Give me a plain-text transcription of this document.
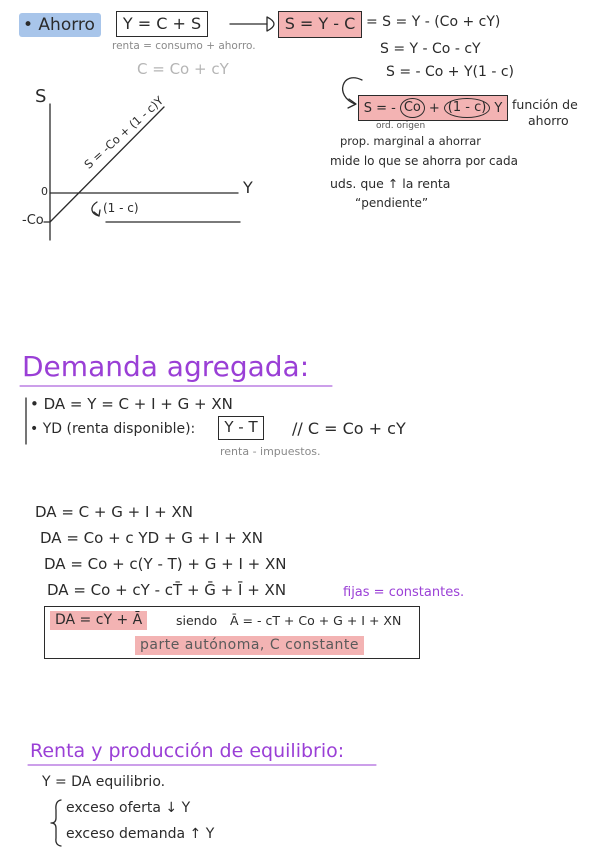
• Ahorro	Y = C + S
renta = consumo + ahorro.
C = Co + cY
S = Y - C = S = Y - (Co + cY)
S = Y - Co - cY
S = - Co + Y(1 - c)
S = - Co + (1 - c) Y función de
ahorro
ord. origen
prop. marginal a ahorrar
mide lo que se ahorra por cada
uds. que ↑ la renta
“pendiente”
S
Y
0
-Co
S = -Co + (1 - c)Y
(1 - c)
Demanda agregada:
• DA = Y = C + I + G + XN
• YD (renta disponible):	Y - T	// C = Co + cY
renta - impuestos.
DA = C + G + I + XN
DA = Co + c YD + G + I + XN
DA = Co + c(Y - T) + G + I + XN
DA = Co + cY - cT̄ + Ḡ + Ī + XN	fijas = constantes.
DA = cY + Ā	siendo Ā = - cT + Co + G + I + XN
parte autónoma, C constante
Renta y producción de equilibrio:
Y = DA equilibrio.
exceso oferta ↓ Y
exceso demanda ↑ Y
